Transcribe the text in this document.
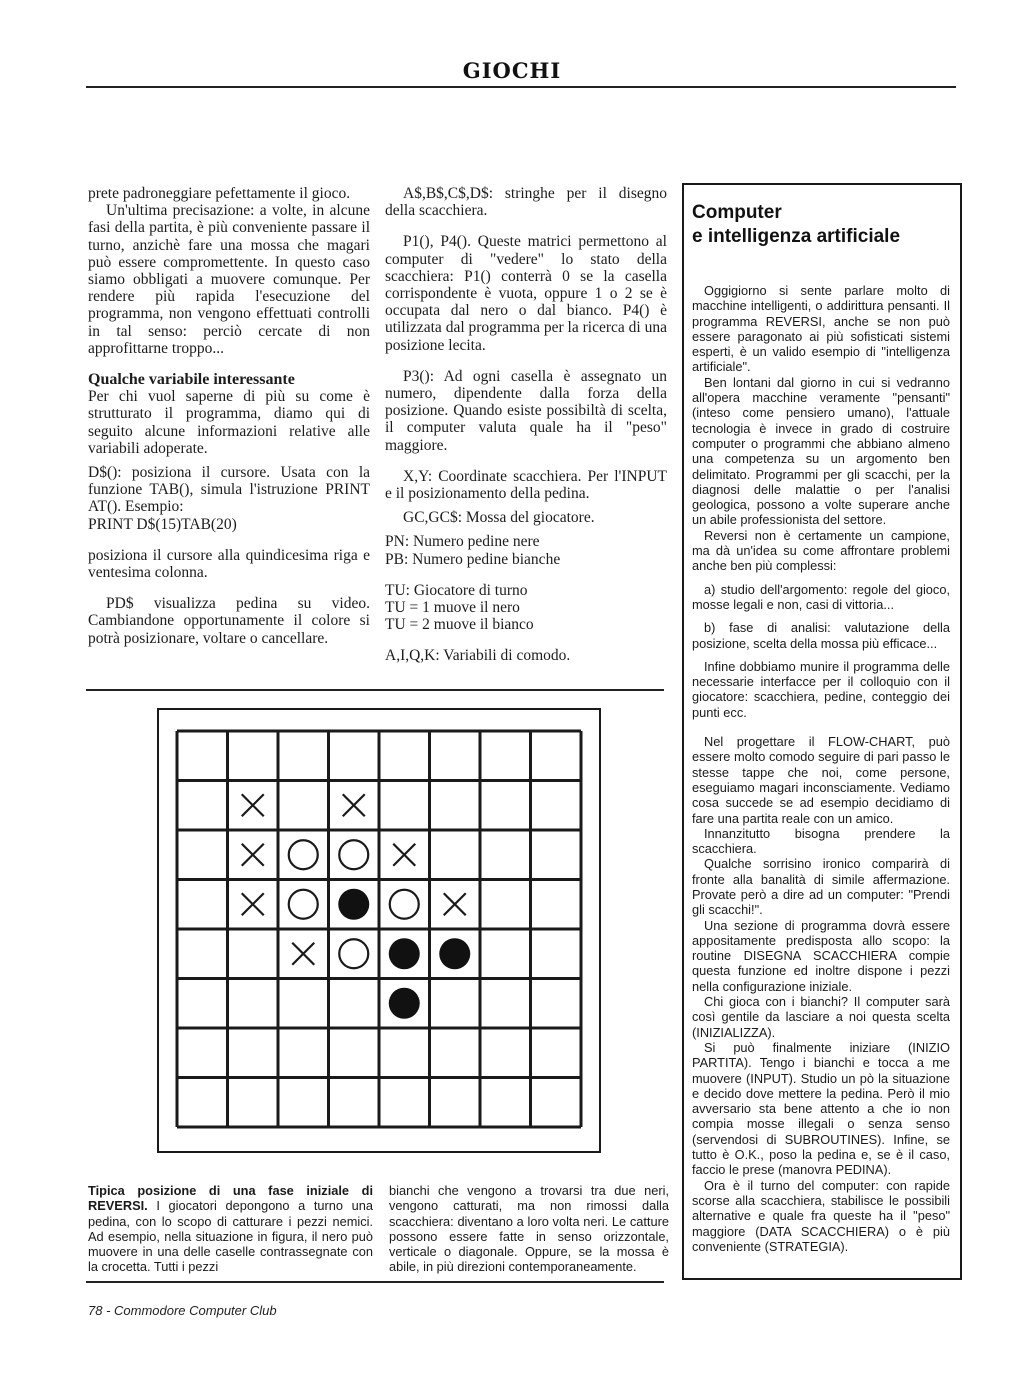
GIOCHI

prete padroneggiare pefettamente il gioco.

Un'ultima precisazione: a volte, in alcune fasi della partita, è più conveniente passare il turno, anzichè fare una mossa che magari può essere compromettente. In questo caso siamo obbligati a muovere comunque. Per rendere più rapida l'esecuzione del programma, non vengono effettuati controlli in tal senso: perciò cercate di non approfittarne troppo...

Qualche variabile interessante

Per chi vuol saperne di più su come è strutturato il programma, diamo qui di seguito alcune informazioni relative alle variabili adoperate.

D$(): posiziona il cursore. Usata con la funzione TAB(), simula l'istruzione PRINT AT(). Esempio:

PRINT D$(15)TAB(20)

posiziona il cursore alla quindicesima riga e ventesima colonna.

PD$ visualizza pedina su video. Cambiandone opportunamente il colore si potrà posizionare, voltare o cancellare.

A$,B$,C$,D$: stringhe per il disegno della scacchiera.

P1(), P4(). Queste matrici permettono al computer di "vedere" lo stato della scacchiera: P1() conterrà 0 se la casella corrispondente è vuota, oppure 1 o 2 se è occupata dal nero o dal bianco. P4() è utilizzata dal programma per la ricerca di una posizione lecita.

P3(): Ad ogni casella è assegnato un numero, dipendente dalla forza della posizione. Quando esiste possibiltà di scelta, il computer valuta quale ha il "peso" maggiore.

X,Y: Coordinate scacchiera. Per l'INPUT e il posizionamento della pedina.

GC,GC$: Mossa del giocatore.

PN: Numero pedine nere

PB: Numero pedine bianche

TU: Giocatore di turno

TU = 1 muove il nero

TU = 2 muove il bianco

A,I,Q,K: Variabili di comodo.

Tipica posizione di una fase iniziale di REVERSI. I giocatori depongono a turno una pedina, con lo scopo di catturare i pezzi nemici. Ad esempio, nella situazione in figura, il nero può muovere in una delle caselle contrassegnate con la crocetta. Tutti i pezzi

bianchi che vengono a trovarsi tra due neri, vengono catturati, ma non rimossi dalla scacchiera: diventano a loro volta neri. Le catture possono essere fatte in senso orizzontale, verticale o diagonale. Oppure, se la mossa è abile, in più direzioni contemporaneamente.

Computer
e intelligenza artificiale

Oggigiorno si sente parlare molto di macchine intelligenti, o addirittura pensanti. Il programma REVERSI, anche se non può essere paragonato ai più sofisticati sistemi esperti, è un valido esempio di "intelligenza artificiale".

Ben lontani dal giorno in cui si vedranno all'opera macchine veramente "pensanti" (inteso come pensiero umano), l'attuale tecnologia è invece in grado di costruire computer o programmi che abbiano almeno una competenza su un argomento ben delimitato. Programmi per gli scacchi, per la diagnosi delle malattie o per l'analisi geologica, possono a volte superare anche un abile professionista del settore.

Reversi non è certamente un campione, ma dà un'idea su come affrontare problemi anche ben più complessi:

a) studio dell'argomento: regole del gioco, mosse legali e non, casi di vittoria...

b) fase di analisi: valutazione della posizione, scelta della mossa più efficace...

Infine dobbiamo munire il programma delle necessarie interfacce per il colloquio con il giocatore: scacchiera, pedine, conteggio dei punti ecc.

Nel progettare il FLOW-CHART, può essere molto comodo seguire di pari passo le stesse tappe che noi, come persone, eseguiamo magari inconsciamente. Vediamo cosa succede se ad esempio decidiamo di fare una partita reale con un amico.

Innanzitutto bisogna prendere la scacchiera.

Qualche sorrisino ironico comparirà di fronte alla banalità di simile affermazione. Provate però a dire ad un computer: "Prendi gli scacchi!".

Una sezione di programma dovrà essere appositamente predisposta allo scopo: la routine DISEGNA SCACCHIERA compie questa funzione ed inoltre dispone i pezzi nella configurazione iniziale.

Chi gioca con i bianchi? Il computer sarà così gentile da lasciare a noi questa scelta (INIZIALIZZA).

Si può finalmente iniziare (INIZIO PARTITA). Tengo i bianchi e tocca a me muovere (INPUT). Studio un pò la situazione e decido dove mettere la pedina. Però il mio avversario sta bene attento a che io non compia mosse illegali o senza senso (servendosi di SUBROUTINES). Infine, se tutto è O.K., poso la pedina e, se è il caso, faccio le prese (manovra PEDINA).

Ora è il turno del computer: con rapide scorse alla scacchiera, stabilisce le possibili alternative e quale fra queste ha il "peso" maggiore (DATA SCACCHIERA) o è più conveniente (STRATEGIA).

78 - Commodore Computer Club
